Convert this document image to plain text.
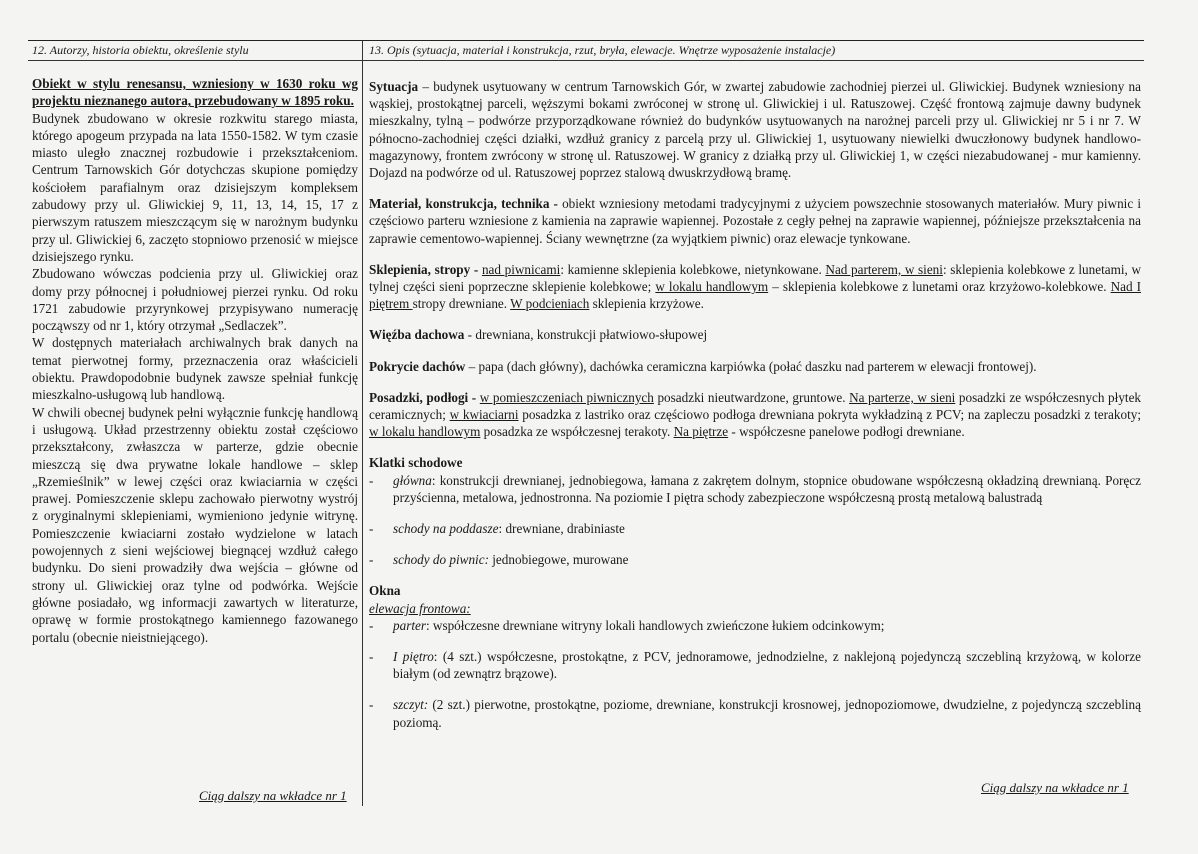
12. Autorzy, historia obiektu, określenie stylu	13. Opis (sytuacja, materiał i konstrukcja, rzut, bryła, elewacje. Wnętrze wyposażenie instalacje)

Obiekt w stylu renesansu, wzniesiony w 1630 roku wg projektu nieznanego autora, przebudowany w 1895 roku.

Budynek zbudowano w okresie rozkwitu starego miasta, którego apogeum przypada na lata 1550-1582. W tym czasie miasto uległo znacznej rozbudowie i przekształceniom. Centrum Tarnowskich Gór dotychczas skupione pomiędzy kościołem parafialnym oraz dzisiejszym kompleksem zabudowy przy ul. Gliwickiej 9, 11, 13, 14, 15, 17 z pierwszym ratuszem mieszczącym się w narożnym budynku przy ul. Gliwickiej 6, zaczęto stopniowo przenosić w miejsce dzisiejszego rynku.

Zbudowano wówczas podcienia przy ul. Gliwickiej oraz domy przy północnej i południowej pierzei rynku. Od roku 1721 zabudowie przyrynkowej przypisywano numerację począwszy od nr 1, który otrzymał „Sedlaczek”.

W dostępnych materiałach archiwalnych brak danych na temat pierwotnej formy, przeznaczenia oraz właścicieli obiektu. Prawdopodobnie budynek zawsze spełniał funkcję mieszkalno-usługową lub handlową.

W chwili obecnej budynek pełni wyłącznie funkcję handlową i usługową. Układ przestrzenny obiektu został częściowo przekształcony, zwłaszcza w parterze, gdzie obecnie mieszczą się dwa prywatne lokale handlowe – sklep „Rzemieślnik” w lewej części oraz kwiaciarnia w części prawej. Pomieszczenie sklepu zachowało pierwotny wystrój z oryginalnymi sklepieniami, wymieniono jedynie witrynę. Pomieszczenie kwiaciarni zostało wydzielone w latach powojennych z sieni wejściowej biegnącej wzdłuż całego budynku. Do sieni prowadziły dwa wejścia – główne od strony ul. Gliwickiej oraz tylne od podwórka. Wejście główne posiadało, wg informacji zawartych w literaturze, oprawę w formie prostokątnego kamiennego fazowanego portalu (obecnie nieistniejącego).

Ciąg dalszy na wkładce nr 1

Sytuacja – budynek usytuowany w centrum Tarnowskich Gór, w zwartej zabudowie zachodniej pierzei ul. Gliwickiej. Budynek wzniesiony na wąskiej, prostokątnej parceli, węższymi bokami zwróconej w stronę ul. Gliwickiej i ul. Ratuszowej. Część frontową zajmuje dawny budynek mieszkalny, tylną – podwórze przyporządkowane również do budynków usytuowanych na narożnej parceli przy ul. Gliwickiej nr 5 i nr 7. W północno-zachodniej części działki, wzdłuż granicy z parcelą przy ul. Gliwickiej 1, usytuowany niewielki dwuczłonowy budynek handlowo-magazynowy, frontem zwrócony w stronę ul. Ratuszowej. W granicy z działką przy ul. Gliwickiej 1, w części niezabudowanej - mur kamienny. Dojazd na podwórze od ul. Ratuszowej poprzez stalową dwuskrzydłową bramę.

Materiał, konstrukcja, technika - obiekt wzniesiony metodami tradycyjnymi z użyciem powszechnie stosowanych materiałów. Mury piwnic i częściowo parteru wzniesione z kamienia na zaprawie wapiennej. Pozostałe z cegły pełnej na zaprawie wapiennej, późniejsze przekształcenia na zaprawie cementowo-wapiennej. Ściany wewnętrzne (za wyjątkiem piwnic) oraz elewacje tynkowane.

Sklepienia, stropy - nad piwnicami: kamienne sklepienia kolebkowe, nietynkowane. Nad parterem, w sieni: sklepienia kolebkowe z lunetami, w tylnej części sieni poprzeczne sklepienie kolebkowe; w lokalu handlowym – sklepienia kolebkowe z lunetami oraz krzyżowo-kolebkowe. Nad I piętrem stropy drewniane. W podcieniach sklepienia krzyżowe.

Więźba dachowa - drewniana, konstrukcji płatwiowo-słupowej

Pokrycie dachów – papa (dach główny), dachówka ceramiczna karpiówka (połać daszku nad parterem w elewacji frontowej).

Posadzki, podłogi - w pomieszczeniach piwnicznych posadzki nieutwardzone, gruntowe. Na parterze, w sieni posadzki ze współczesnych płytek ceramicznych; w kwiaciarni posadzka z lastriko oraz częściowo podłoga drewniana pokryta wykładziną z PCV; na zapleczu posadzki z terakoty; w lokalu handlowym posadzka ze współczesnej terakoty. Na piętrze - współczesne panelowe podłogi drewniane.

Klatki schodowe

- główna: konstrukcji drewnianej, jednobiegowa, łamana z zakrętem dolnym, stopnice obudowane współczesną okładziną drewnianą. Poręcz przyścienna, metalowa, jednostronna. Na poziomie I piętra schody zabezpieczone współczesną prostą metalową balustradą

- schody na poddasze: drewniane, drabiniaste

- schody do piwnic: jednobiegowe, murowane

Okna
elewacja frontowa:

- parter: współczesne drewniane witryny lokali handlowych zwieńczone łukiem odcinkowym;

- I piętro: (4 szt.) współczesne, prostokątne, z PCV, jednoramowe, jednodzielne, z naklejoną pojedynczą szczebliną krzyżową, w kolorze białym (od zewnątrz brązowe).

- szczyt: (2 szt.) pierwotne, prostokątne, poziome, drewniane, konstrukcji krosnowej, jednopoziomowe, dwudzielne, z pojedynczą szczebliną poziomą.

Ciąg dalszy na wkładce nr 1
